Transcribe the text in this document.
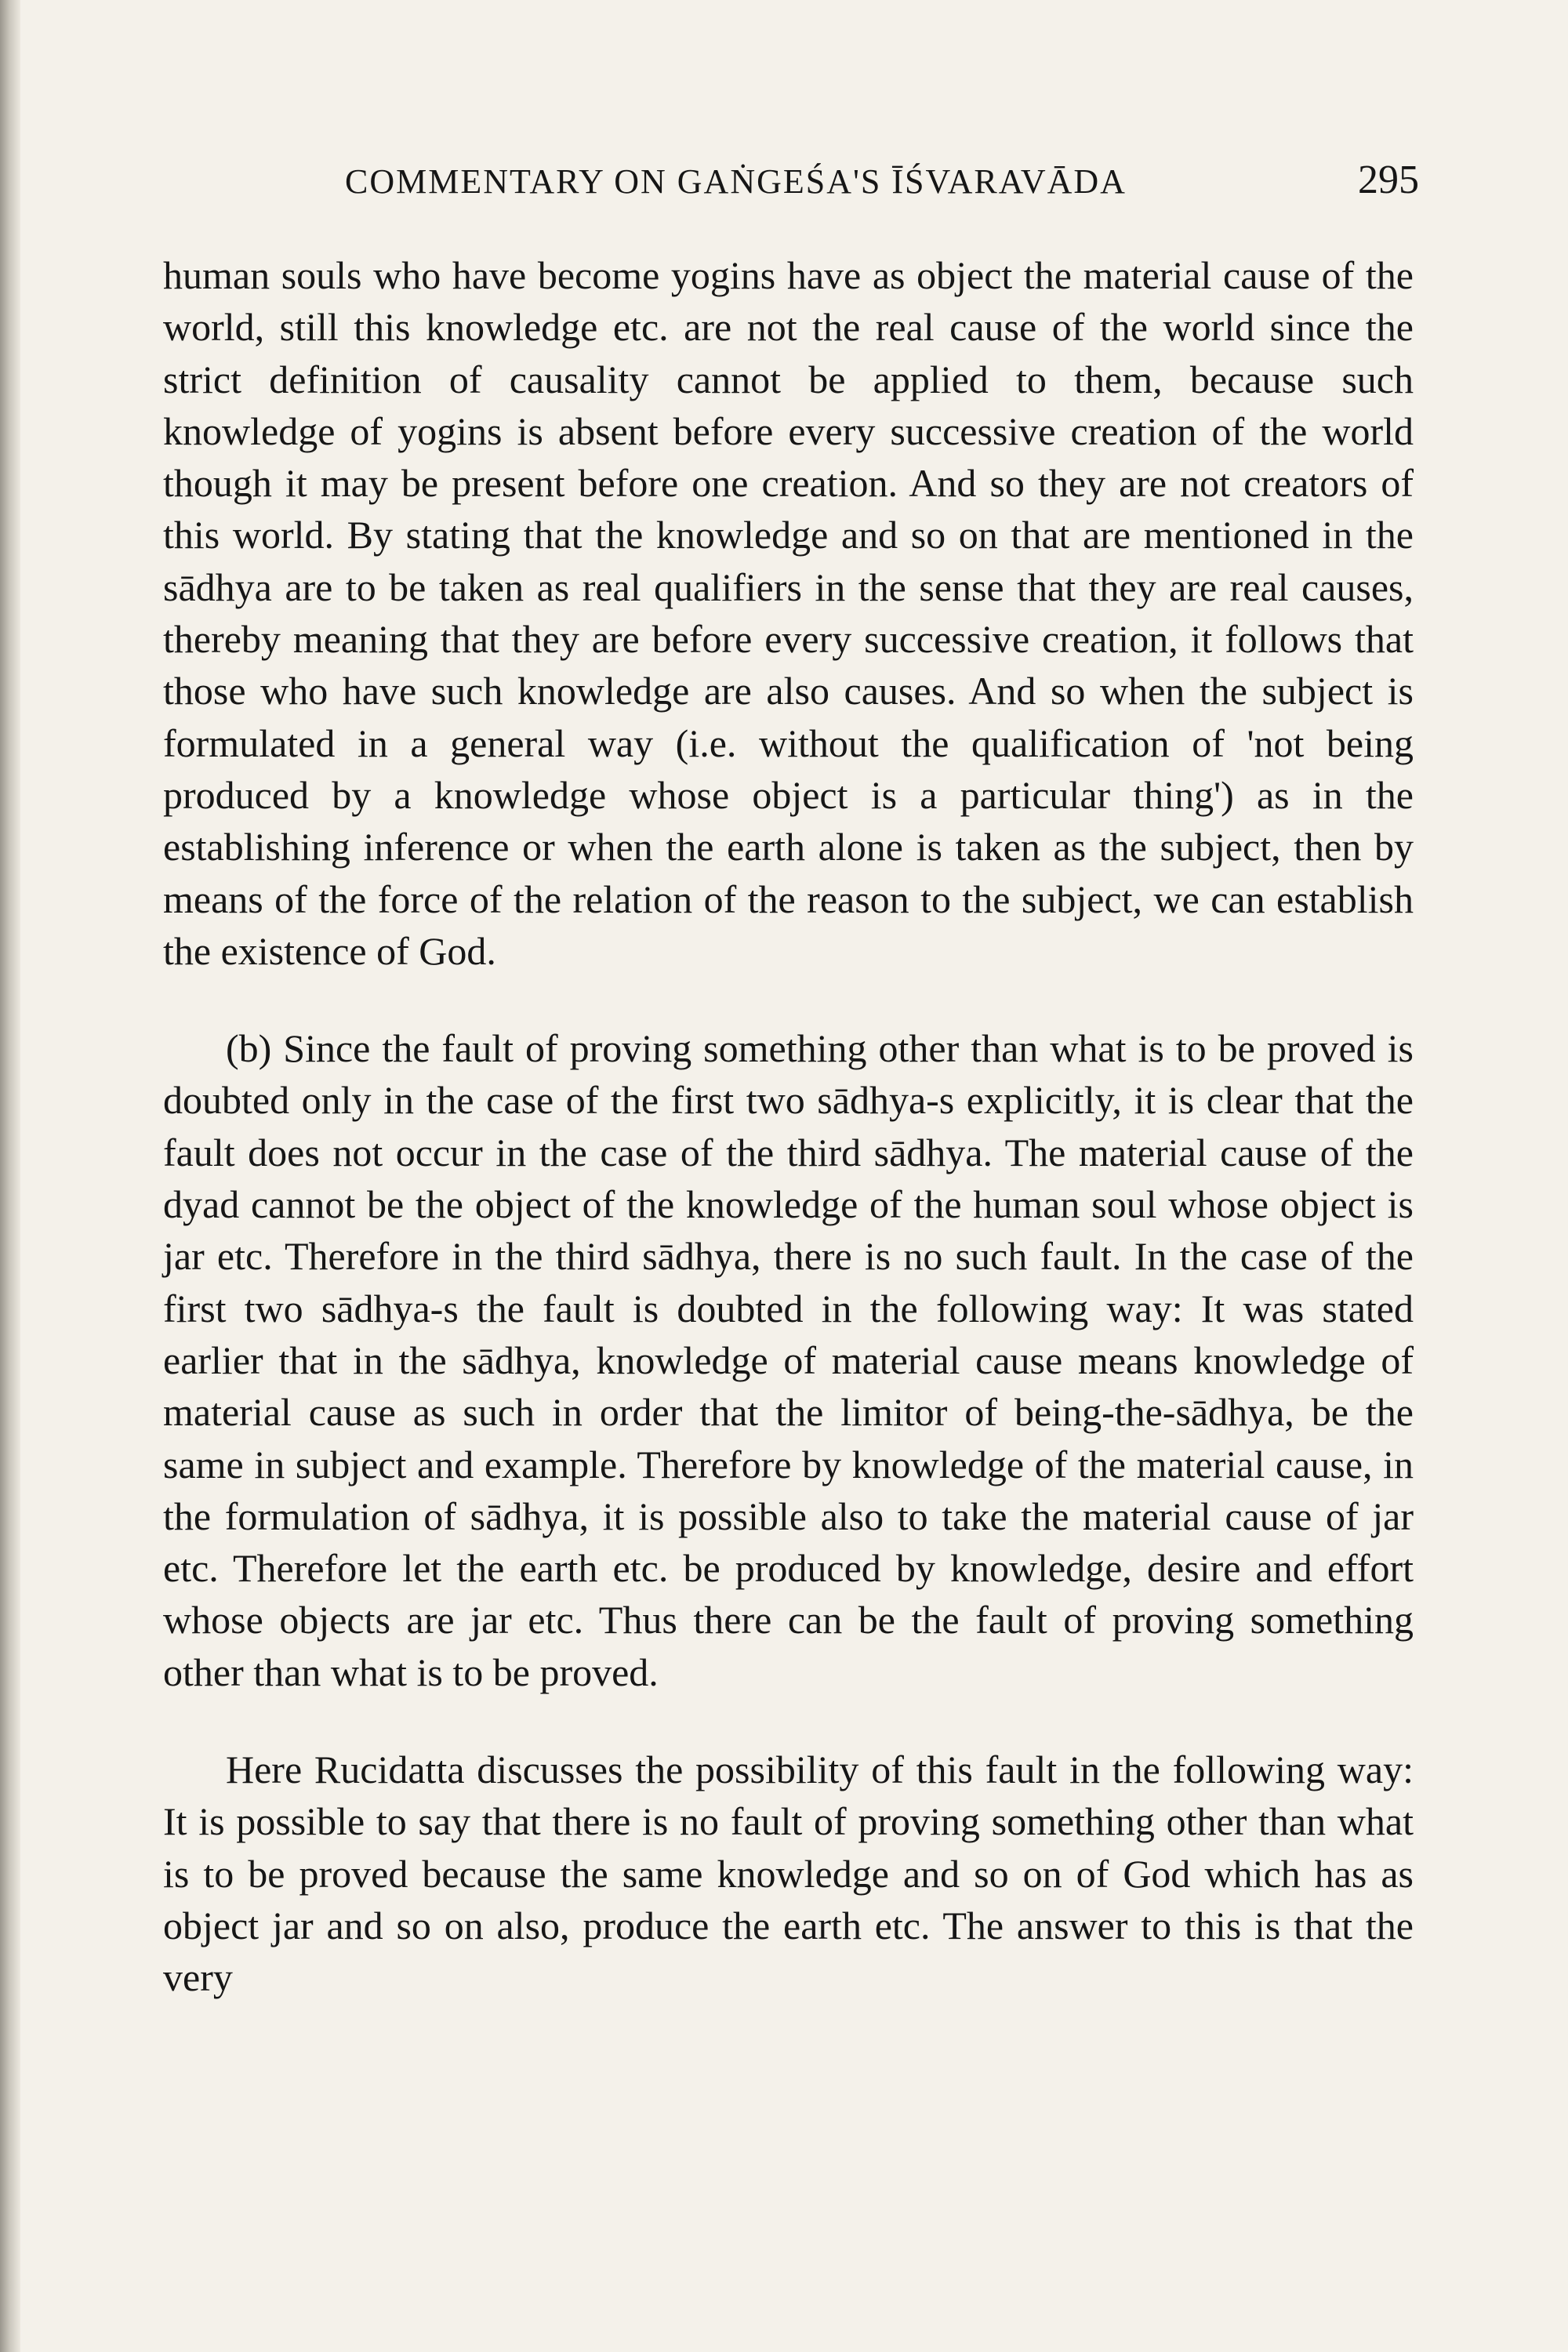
COMMENTARY ON GAṄGEŚA'S ĪŚVARAVĀDA	295

human souls who have become yogins have as object the material cause of the world, still this knowledge etc. are not the real cause of the world since the strict definition of causality cannot be applied to them, because such knowledge of yogins is absent before every successive creation of the world though it may be present before one creation. And so they are not creators of this world. By stating that the knowledge and so on that are mentioned in the sādhya are to be taken as real qualifiers in the sense that they are real causes, thereby meaning that they are before every successive creation, it follows that those who have such knowledge are also causes. And so when the subject is formulated in a general way (i.e. without the qualification of 'not being produced by a knowledge whose object is a particular thing') as in the establishing inference or when the earth alone is taken as the subject, then by means of the force of the relation of the reason to the subject, we can establish the existence of God.

(b) Since the fault of proving something other than what is to be proved is doubted only in the case of the first two sādhya-s explicitly, it is clear that the fault does not occur in the case of the third sādhya. The material cause of the dyad cannot be the object of the knowledge of the human soul whose object is jar etc. Therefore in the third sādhya, there is no such fault. In the case of the first two sādhya-s the fault is doubted in the following way: It was stated earlier that in the sādhya, knowledge of material cause means knowledge of material cause as such in order that the limitor of being-the-sādhya, be the same in subject and example. Therefore by knowledge of the material cause, in the formulation of sādhya, it is possible also to take the material cause of jar etc. Therefore let the earth etc. be produced by knowledge, desire and effort whose objects are jar etc. Thus there can be the fault of proving something other than what is to be proved.

Here Rucidatta discusses the possibility of this fault in the following way: It is possible to say that there is no fault of proving something other than what is to be proved because the same knowledge and so on of God which has as object jar and so on also, produce the earth etc. The answer to this is that the very
